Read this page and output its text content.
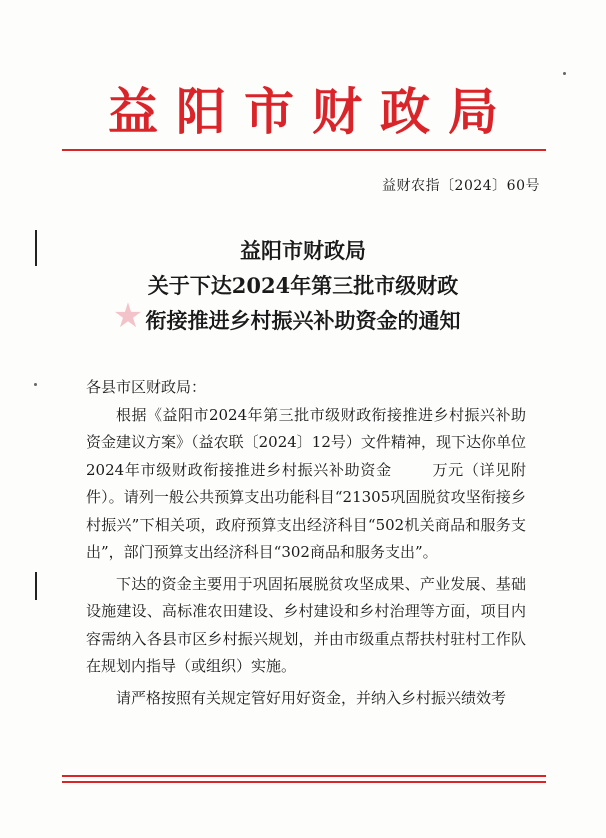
益阳市财政局
益财农指〔2024〕60号
益阳市财政局
关于下达2024年第三批市级财政
衔接推进乡村振兴补助资金的通知
★

各县市区财政局：

根据《益阳市2024年第三批市级财政衔接推进乡村振兴补助资金建议方案》（益农联〔2024〕12号）文件精神，现下达你单位2024年市级财政衔接推进乡村振兴补助资金	万元（详见附件）。请列一般公共预算支出功能科目“21305巩固脱贫攻坚衔接乡村振兴”下相关项，政府预算支出经济科目“502机关商品和服务支出”，部门预算支出经济科目“302商品和服务支出”。

下达的资金主要用于巩固拓展脱贫攻坚成果、产业发展、基础设施建设、高标准农田建设、乡村建设和乡村治理等方面，项目内容需纳入各县市区乡村振兴规划，并由市级重点帮扶村驻村工作队在规划内指导（或组织）实施。

请严格按照有关规定管好用好资金，并纳入乡村振兴绩效考
